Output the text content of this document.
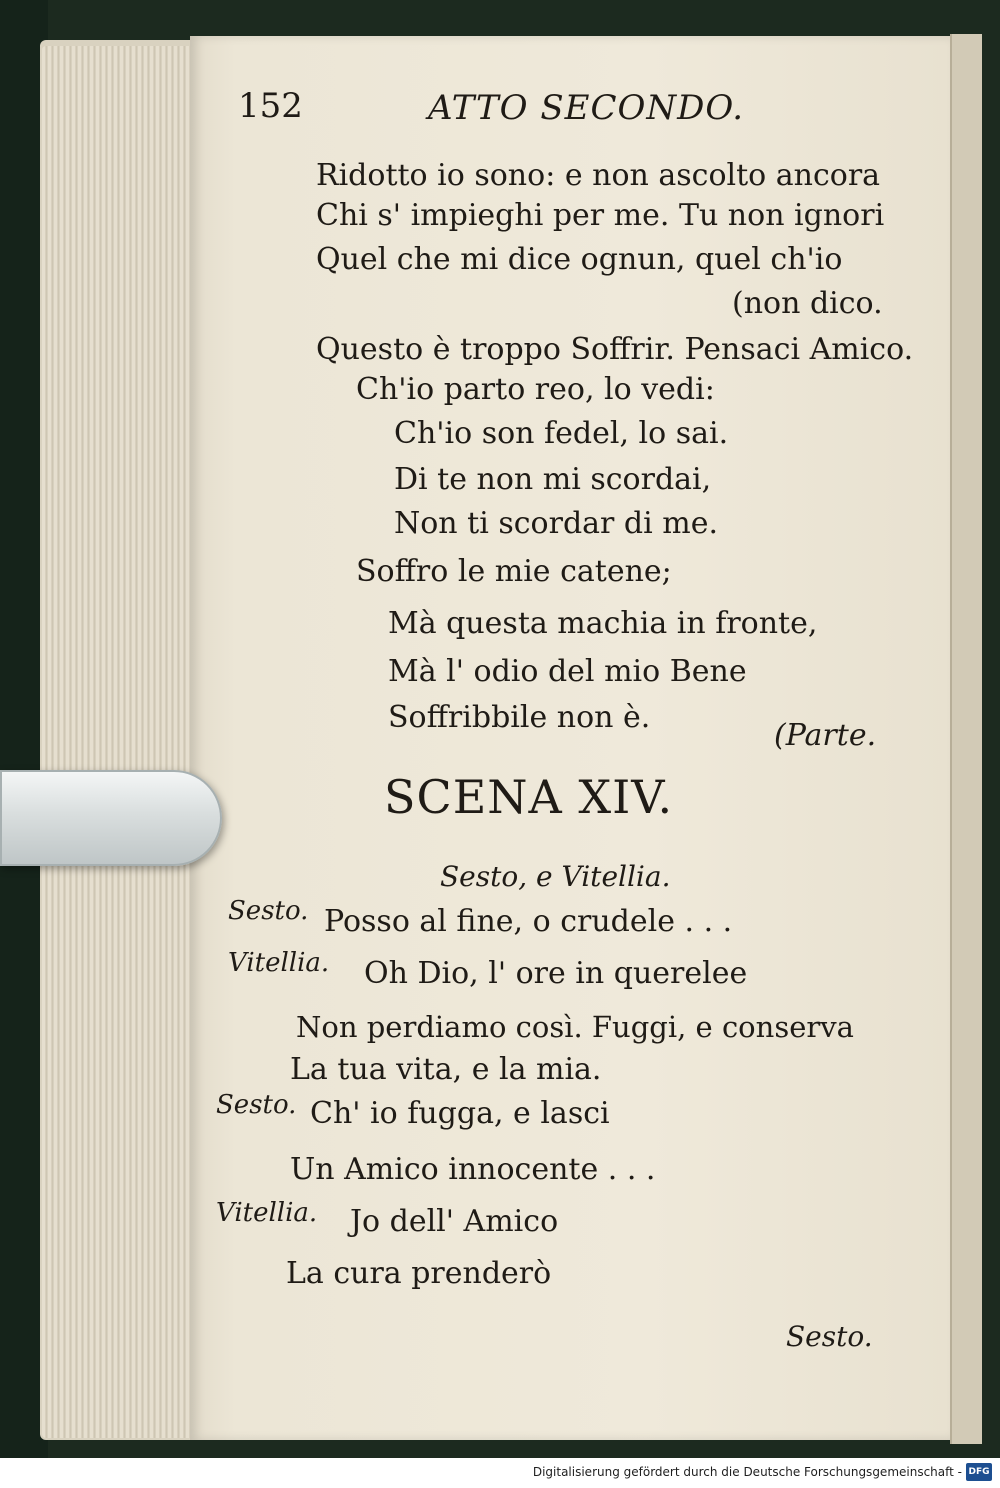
152	ATTO SECONDO.
Ridotto io sono: e non ascolto ancora
Chi s' impieghi per me. Tu non ignori
Quel che mi dice ognun, quel ch'io
(non dico.
Questo è troppo Soffrir. Pensaci Amico.
Ch'io parto reo, lo vedi:
Ch'io son fedel, lo sai.
Di te non mi scordai,
Non ti scordar di me.
Soffro le mie catene;
Mà questa machia in fronte,
Mà l' odio del mio Bene
Soffribbile non è.
(Parte.
SCENA XIV.
Sesto, e Vitellia.
Sesto. Posso al fine, o crudele . . .
Vitellia. Oh Dio, l' ore in querelee
Non perdiamo così. Fuggi, e conserva
La tua vita, e la mia.
Sesto. Ch' io fugga, e lasci
Un Amico innocente . . .
Vitellia. Jo dell' Amico
La cura prenderò
Sesto.
Digitalisierung gefördert durch die Deutsche Forschungsgemeinschaft - DFG
